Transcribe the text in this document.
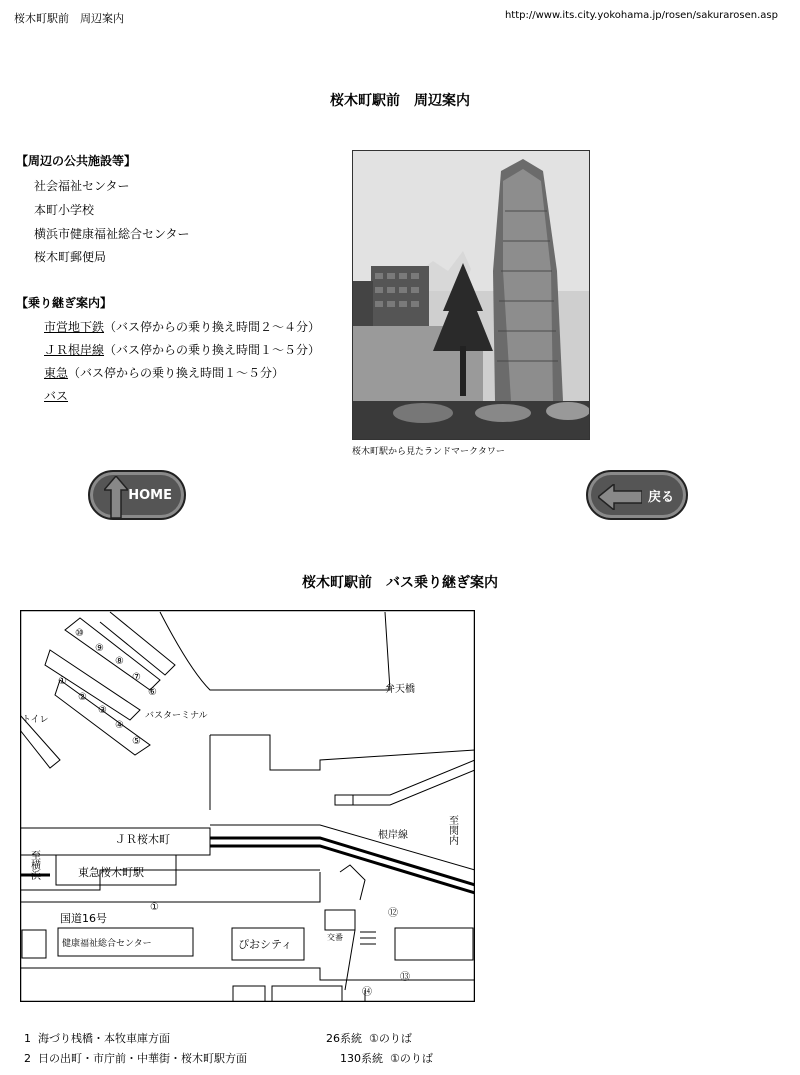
桜木町駅前　周辺案内	http://www.its.city.yokohama.jp/rosen/sakurarosen.asp
桜木町駅前　周辺案内
【周辺の公共施設等】
社会福祉センター
本町小学校
横浜市健康福祉総合センター
桜木町郵便局
【乗り継ぎ案内】
市営地下鉄（バス停からの乗り換え時間２～４分）
ＪＲ根岸線（バス停からの乗り換え時間１～５分）
東急（バス停からの乗り換え時間１～５分）
バス
桜木町駅から見たランドマークタワー
HOME	戻る
桜木町駅前　バス乗り継ぎ案内
⑩
⑨
⑧
⑦
⑥
①
②
③
④
⑤
バスターミナル
トイレ
弁天橋
ＪＲ桜木町	根岸線	至関内
至横浜	東急桜木町駅
①
国道16号
健康福祉総合センター	ぴおシティ
交番
⑫
⑬
⑭
1 海づり桟橋・本牧車庫方面	26系統 ①のりば
2 日の出町・市庁前・中華街・桜木町駅方面	130系統 ①のりば
